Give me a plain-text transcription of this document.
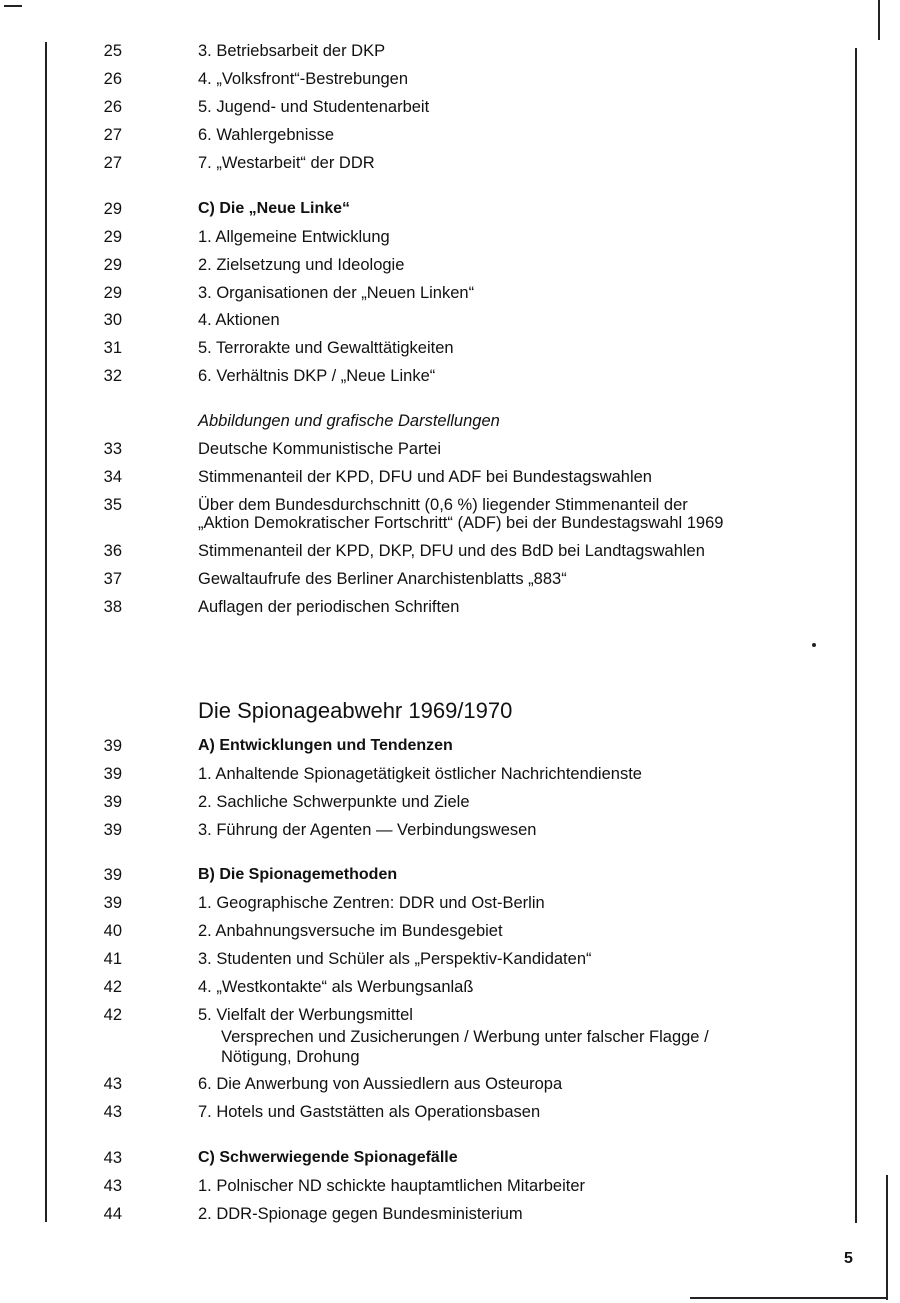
25	3. Betriebsarbeit der DKP
26	4. „Volksfront“-Bestrebungen
26	5. Jugend- und Studentenarbeit
27	6. Wahlergebnisse
27	7. „Westarbeit“ der DDR
29	C) Die „Neue Linke“
29	1. Allgemeine Entwicklung
29	2. Zielsetzung und Ideologie
29	3. Organisationen der „Neuen Linken“
30	4. Aktionen
31	5. Terrorakte und Gewalttätigkeiten
32	6. Verhältnis DKP / „Neue Linke“
Abbildungen und grafische Darstellungen
33	Deutsche Kommunistische Partei
34	Stimmenanteil der KPD, DFU und ADF bei Bundestagswahlen
35	Über dem Bundesdurchschnitt (0,6 %) liegender Stimmenanteil der
„Aktion Demokratischer Fortschritt“ (ADF) bei der Bundestagswahl 1969
36	Stimmenanteil der KPD, DKP, DFU und des BdD bei Landtagswahlen
37	Gewaltaufrufe des Berliner Anarchistenblatts „883“
38	Auflagen der periodischen Schriften
Die Spionageabwehr 1969/1970
39	A) Entwicklungen und Tendenzen
39	1. Anhaltende Spionagetätigkeit östlicher Nachrichtendienste
39	2. Sachliche Schwerpunkte und Ziele
39	3. Führung der Agenten — Verbindungswesen
39	B) Die Spionagemethoden
39	1. Geographische Zentren: DDR und Ost-Berlin
40	2. Anbahnungsversuche im Bundesgebiet
41	3. Studenten und Schüler als „Perspektiv-Kandidaten“
42	4. „Westkontakte“ als Werbungsanlaß
42	5. Vielfalt der Werbungsmittel
Versprechen und Zusicherungen / Werbung unter falscher Flagge /
Nötigung, Drohung
43	6. Die Anwerbung von Aussiedlern aus Osteuropa
43	7. Hotels und Gaststätten als Operationsbasen
43	C) Schwerwiegende Spionagefälle
43	1. Polnischer ND schickte hauptamtlichen Mitarbeiter
44	2. DDR-Spionage gegen Bundesministerium
5
